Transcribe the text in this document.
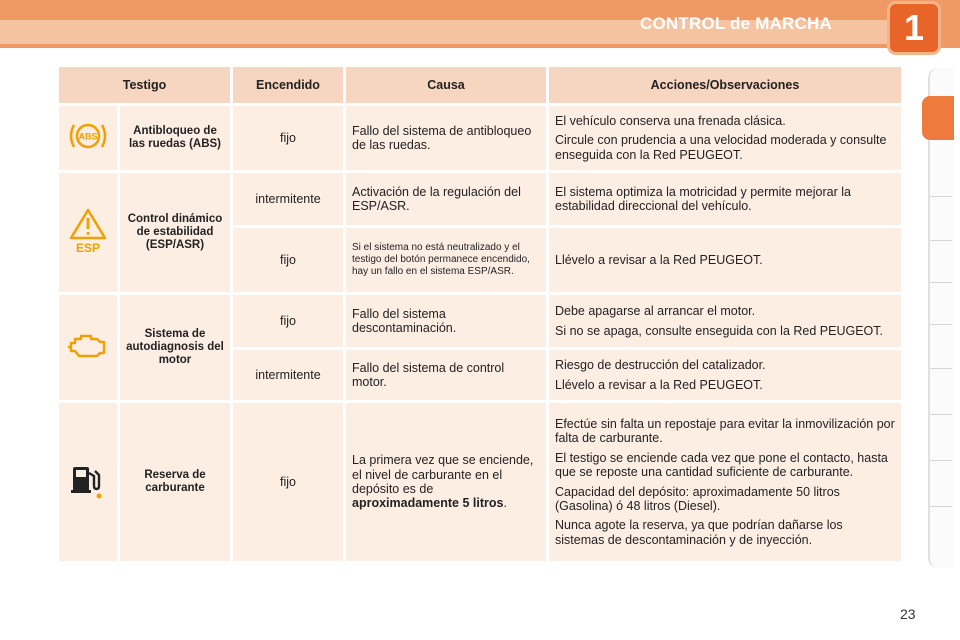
CONTROL de MARCHA	1
Testigo		Encendido	Causa	Acciones/Observaciones

ABS	Antibloqueo de las ruedas (ABS)	fijo	Fallo del sistema de antibloqueo de las ruedas.	El vehículo conserva una frenada clásica.

Circule con prudencia a una velocidad moderada y consulte enseguida con la Red PEUGEOT.

ESP	Control dinámico de estabilidad (ESP/ASR)	intermitente	Activación de la regulación del ESP/ASR.	El sistema optimiza la motricidad y permite mejorar la estabilidad direccional del vehículo.
		fijo	Si el sistema no está neutralizado y el testigo del botón permanece encendido, hay un fallo en el sistema ESP/ASR.	Llévelo a revisar a la Red PEUGEOT.
	Sistema de autodiagnosis del motor	fijo	Fallo del sistema descontaminación.	Debe apagarse al arrancar el motor.

Si no se apaga, consulte enseguida con la Red PEUGEOT.

		intermitente	Fallo del sistema de control motor.	Riesgo de destrucción del catalizador.

Llévelo a revisar a la Red PEUGEOT.

	Reserva de carburante	fijo	La primera vez que se enciende, el nivel de carburante en el depósito es de aproximadamente 5 litros.	Efectúe sin falta un repostaje para evitar la inmovilización por falta de carburante.

El testigo se enciende cada vez que pone el contacto, hasta que se reposte una cantidad suficiente de carburante.

Capacidad del depósito: aproximadamente 50 litros (Gasolina) ó 48 litros (Diesel).

Nunca agote la reserva, ya que podrían dañarse los sistemas de descontaminación y de inyección.

23
